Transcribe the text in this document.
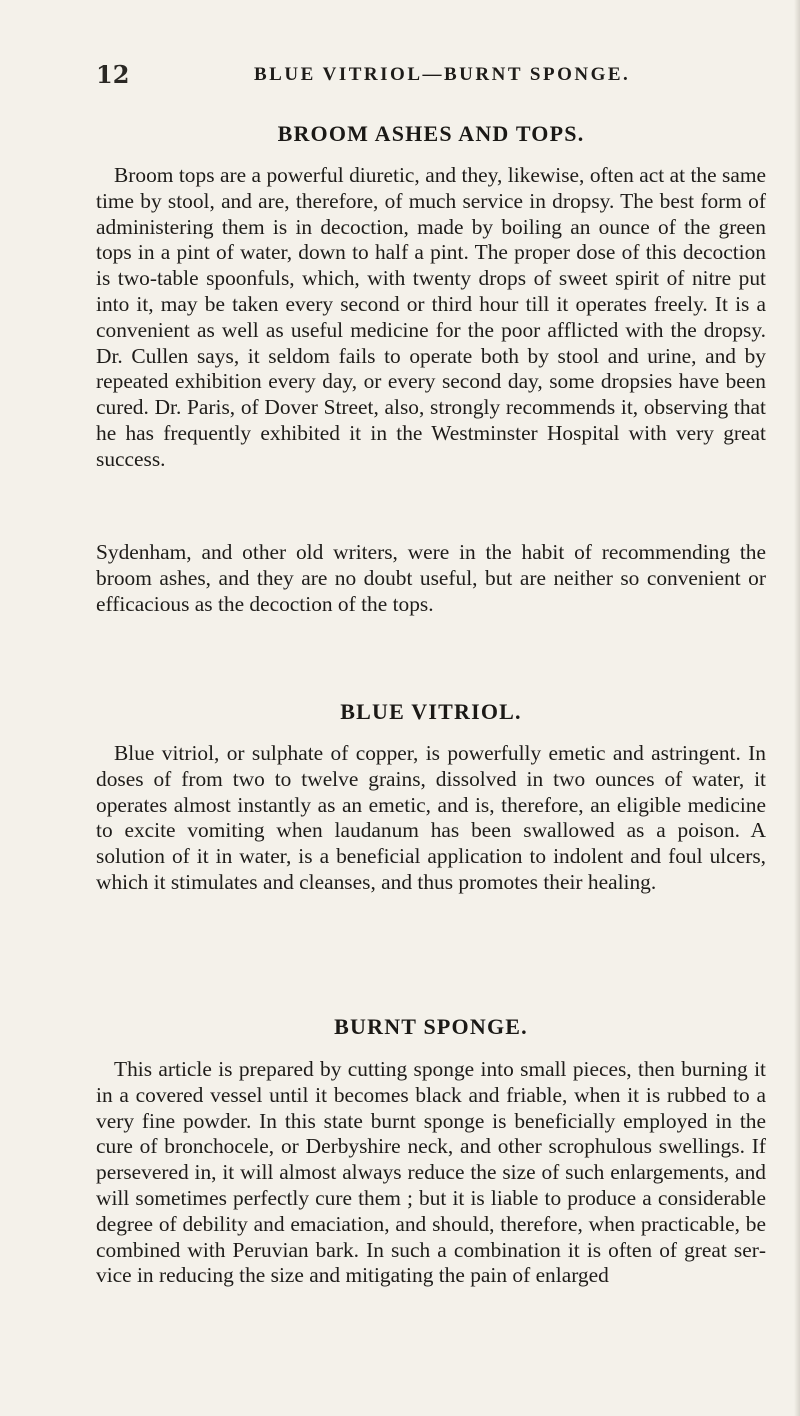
12	BLUE VITRIOL—BURNT SPONGE.
BROOM ASHES AND TOPS.

Broom tops are a powerful diuretic, and they, likewise, often act at the same time by stool, and are, therefore, of much service in dropsy. The best form of administering them is in decoction, made by boiling an ounce of the green tops in a pint of water, down to half a pint. The proper dose of this decoction is two-table spoonfuls, which, with twenty drops of sweet spirit of nitre put into it, may be taken every second or third hour till it operates freely. It is a convenient as well as useful medicine for the poor afflicted with the dropsy. Dr. Cullen says, it seldom fails to operate both by stool and urine, and by repeated exhibition every day, or every second day, some dropsies have been cured. Dr. Paris, of Dover Street, also, strongly recommends it, observing that he has frequently exhibited it in the Westminster Hospital with very great success.

Sydenham, and other old writers, were in the habit of recommending the broom ashes, and they are no doubt useful, but are neither so convenient or efficacious as the decoction of the tops.

BLUE VITRIOL.

Blue vitriol, or sulphate of copper, is powerfully emetic and astringent. In doses of from two to twelve grains, dissolved in two ounces of water, it operates almost instantly as an emetic, and is, therefore, an eligible medicine to excite vomiting when laudanum has been swallowed as a poison. A solution of it in water, is a beneficial application to indolent and foul ulcers, which it stimulates and cleanses, and thus promotes their healing.

BURNT SPONGE.

This article is prepared by cutting sponge into small pieces, then burning it in a covered vessel until it becomes black and friable, when it is rubbed to a very fine powder. In this state burnt sponge is beneficially employed in the cure of bronchocele, or Derbyshire neck, and other scrophulous swellings. If persevered in, it will almost always reduce the size of such enlargements, and will sometimes perfectly cure them ; but it is liable to produce a considerable degree of debility and emaciation, and should, therefore, when practicable, be combined with Peruvian bark. In such a combination it is often of great service in reducing the size and mitigating the pain of enlarged
